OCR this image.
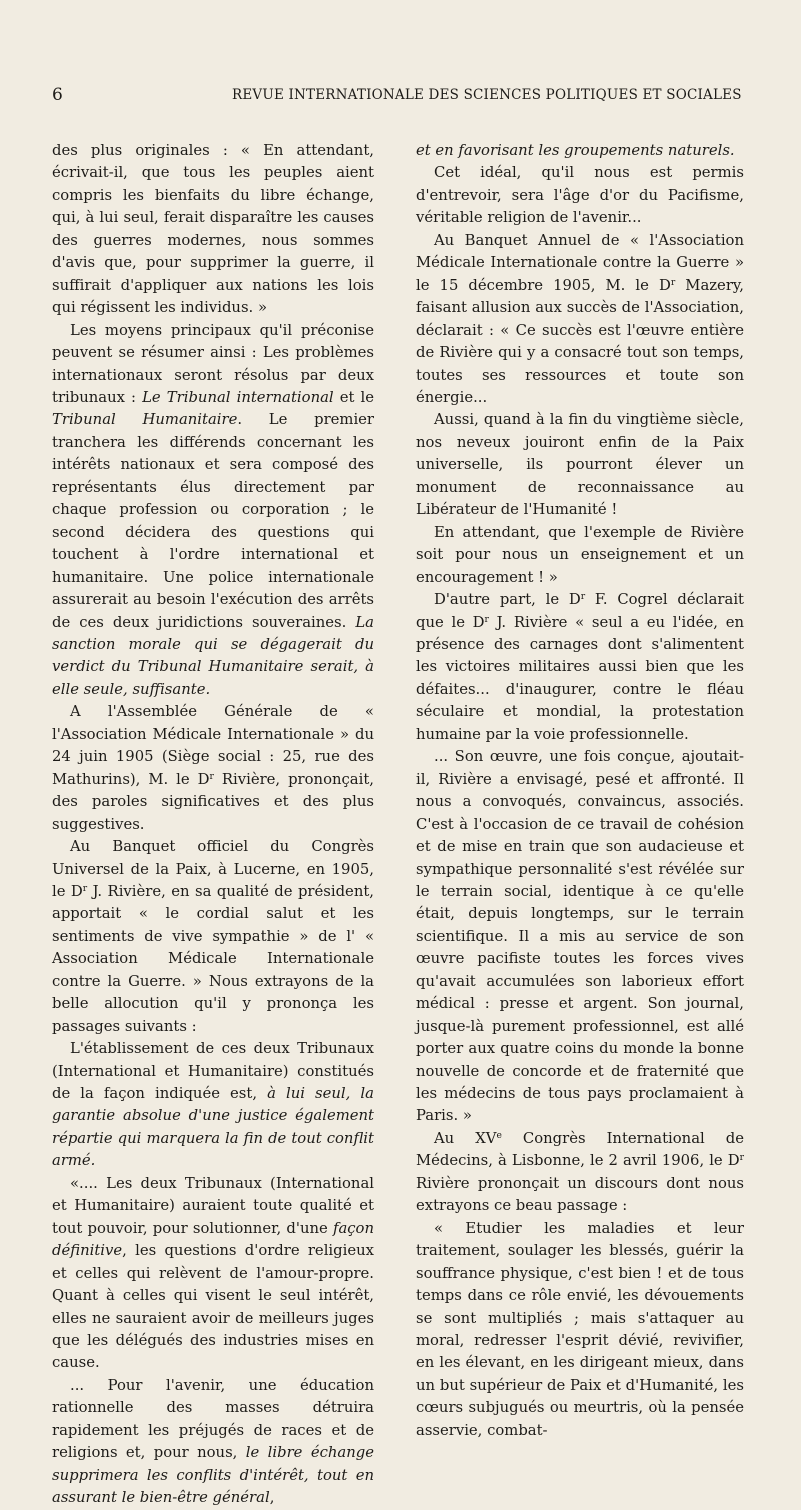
6	REVUE INTERNATIONALE DES SCIENCES POLITIQUES ET SOCIALES

des plus originales : « En attendant, écrivait-il, que tous les peuples aient compris les bienfaits du libre échange, qui, à lui seul, ferait disparaître les causes des guerres modernes, nous sommes d'avis que, pour supprimer la guerre, il suffirait d'appliquer aux nations les lois qui régissent les individus. »

Les moyens principaux qu'il préconise peuvent se résumer ainsi : Les problèmes internationaux seront résolus par deux tribunaux : Le Tribunal international et le Tribunal Humanitaire. Le premier tranchera les différends concernant les intérêts nationaux et sera composé des représentants élus directement par chaque profession ou corporation ; le second décidera des questions qui touchent à l'ordre international et humanitaire. Une police internationale assurerait au besoin l'exécution des arrêts de ces deux juridictions souveraines. La sanction morale qui se dégagerait du verdict du Tribunal Humanitaire serait, à elle seule, suffisante.

A l'Assemblée Générale de « l'Association Médicale Internationale » du 24 juin 1905 (Siège social : 25, rue des Mathurins), M. le $D^r$ Rivière, prononçait, des paroles significatives et des plus suggestives.

Au Banquet officiel du Congrès Universel de la Paix, à Lucerne, en 1905, le $D^r$ J. Rivière, en sa qualité de président, apportait « le cordial salut et les sentiments de vive sympathie » de l' « Association Médicale Internationale contre la Guerre. » Nous extrayons de la belle allocution qu'il y prononça les passages suivants :

L'établissement de ces deux Tribunaux (International et Humanitaire) constitués de la façon indiquée est, à lui seul, la garantie absolue d'une justice également répartie qui marquera la fin de tout conflit armé.

«.... Les deux Tribunaux (International et Humanitaire) auraient toute qualité et tout pouvoir, pour solutionner, d'une façon définitive, les questions d'ordre religieux et celles qui relèvent de l'amour-propre. Quant à celles qui visent le seul intérêt, elles ne sauraient avoir de meilleurs juges que les délégués des industries mises en cause.

... Pour l'avenir, une éducation rationnelle des masses détruira rapidement les préjugés de races et de religions et, pour nous, le libre échange supprimera les conflits d'intérêt, tout en assurant le bien-être général,

et en favorisant les groupements naturels.

Cet idéal, qu'il nous est permis d'entrevoir, sera l'âge d'or du Pacifisme, véritable religion de l'avenir...

Au Banquet Annuel de « l'Association Médicale Internationale contre la Guerre » le 15 décembre 1905, M. le $D^r$ Mazery, faisant allusion aux succès de l'Association, déclarait : « Ce succès est l'œuvre entière de Rivière qui y a consacré tout son temps, toutes ses ressources et toute son énergie...

Aussi, quand à la fin du vingtième siècle, nos neveux jouiront enfin de la Paix universelle, ils pourront élever un monument de reconnaissance au Libérateur de l'Humanité !

En attendant, que l'exemple de Rivière soit pour nous un enseignement et un encouragement ! »

D'autre part, le $D^r$ F. Cogrel déclarait que le $D^r$ J. Rivière « seul a eu l'idée, en présence des carnages dont s'alimentent les victoires militaires aussi bien que les défaites... d'inaugurer, contre le fléau séculaire et mondial, la protestation humaine par la voie professionnelle.

... Son œuvre, une fois conçue, ajoutait-il, Rivière a envisagé, pesé et affronté. Il nous a convoqués, convaincus, associés. C'est à l'occasion de ce travail de cohésion et de mise en train que son audacieuse et sympathique personnalité s'est révélée sur le terrain social, identique à ce qu'elle était, depuis longtemps, sur le terrain scientifique. Il a mis au service de son œuvre pacifiste toutes les forces vives qu'avait accumulées son laborieux effort médical : presse et argent. Son journal, jusque-là purement professionnel, est allé porter aux quatre coins du monde la bonne nouvelle de concorde et de fraternité que les médecins de tous pays proclamaient à Paris. »

Au XVe Congrès International de Médecins, à Lisbonne, le 2 avril 1906, le $D^r$ Rivière prononçait un discours dont nous extrayons ce beau passage :

« Etudier les maladies et leur traitement, soulager les blessés, guérir la souffrance physique, c'est bien ! et de tous temps dans ce rôle envié, les dévouements se sont multipliés ; mais s'attaquer au moral, redresser l'esprit dévié, revivifier, en les élevant, en les dirigeant mieux, dans un but supérieur de Paix et d'Humanité, les cœurs subjugués ou meurtris, où la pensée asservie, combat-
